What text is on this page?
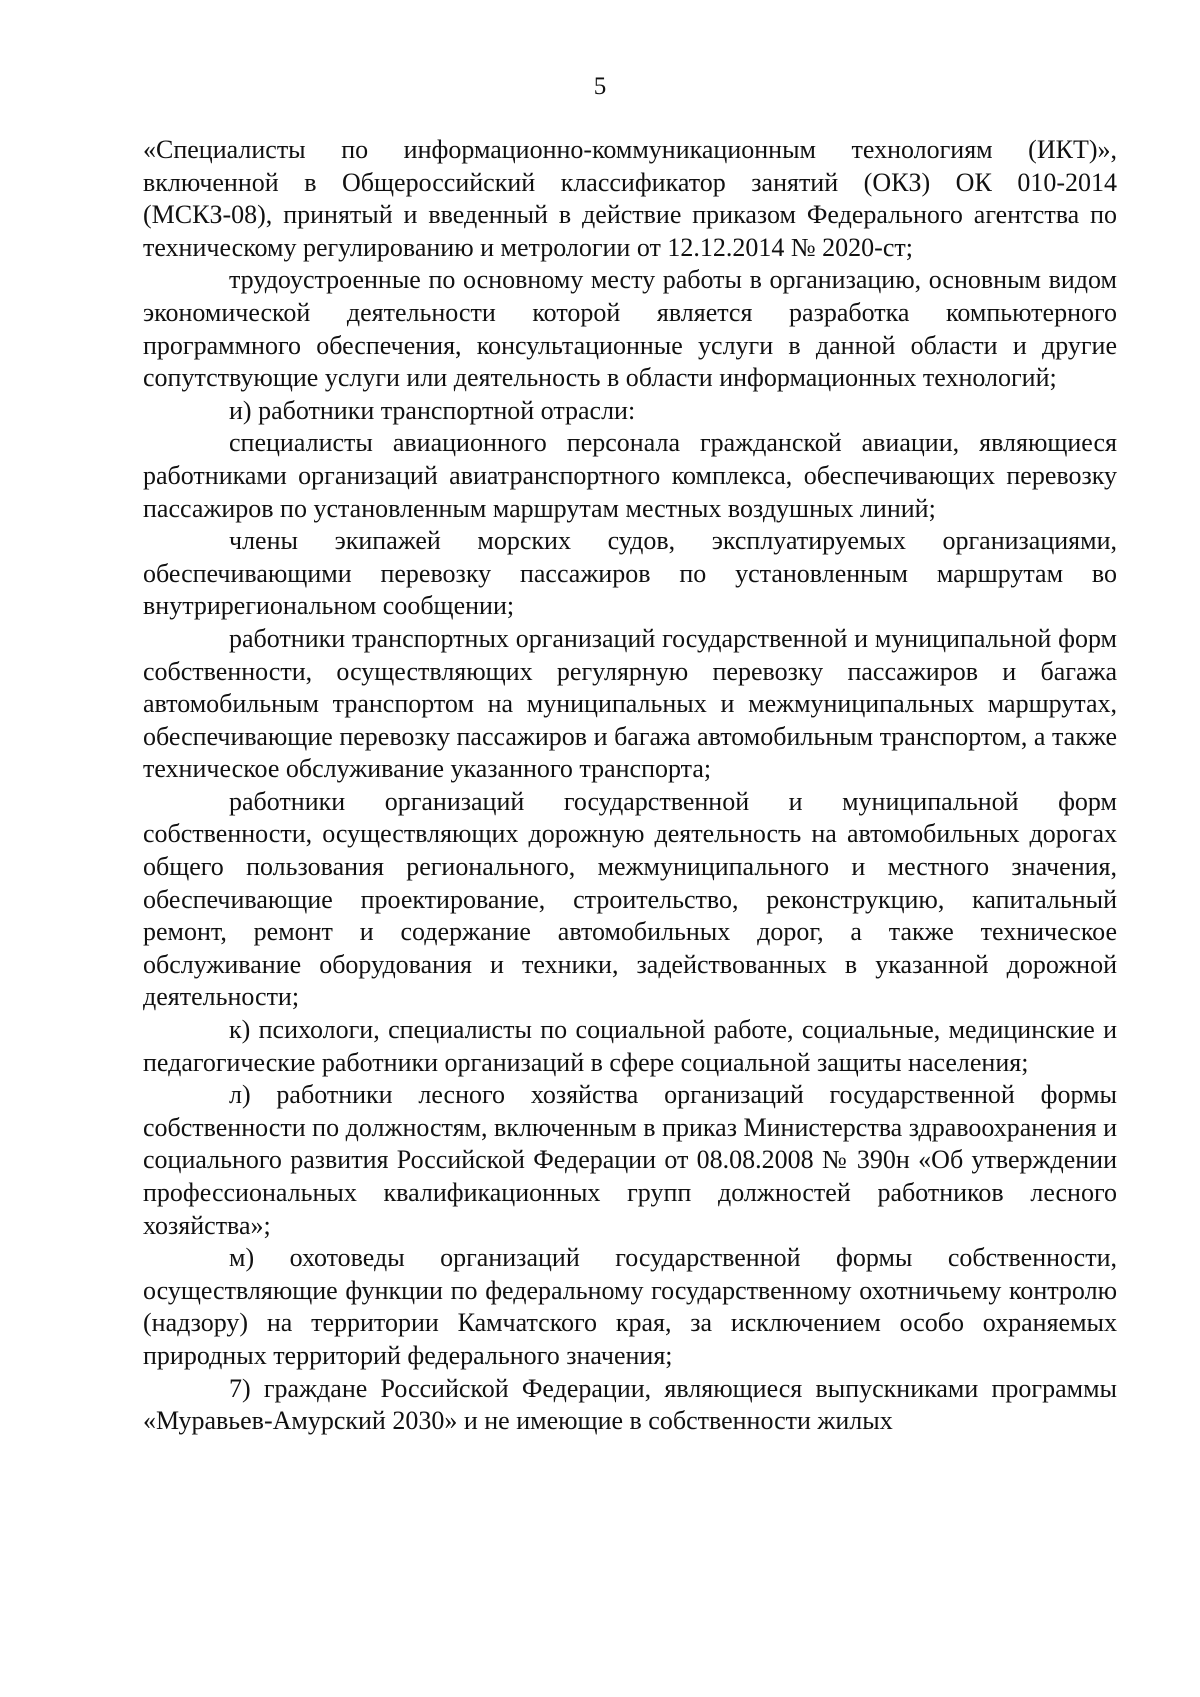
5

«Специалисты по информационно-коммуникационным технологиям (ИКТ)», включенной в Общероссийский классификатор занятий (ОКЗ) ОК 010-2014 (МСКЗ-08), принятый и введенный в действие приказом Федерального агентства по техническому регулированию и метрологии от 12.12.2014 № 2020-ст;

трудоустроенные по основному месту работы в организацию, основным видом экономической деятельности которой является разработка компьютерного программного обеспечения, консультационные услуги в данной области и другие сопутствующие услуги или деятельность в области информационных технологий;

и) работники транспортной отрасли:

специалисты авиационного персонала гражданской авиации, являющиеся работниками организаций авиатранспортного комплекса, обеспечивающих перевозку пассажиров по установленным маршрутам местных воздушных линий;

члены экипажей морских судов, эксплуатируемых организациями, обеспечивающими перевозку пассажиров по установленным маршрутам во внутрирегиональном сообщении;

работники транспортных организаций государственной и муниципальной форм собственности, осуществляющих регулярную перевозку пассажиров и багажа автомобильным транспортом на муниципальных и межмуниципальных маршрутах, обеспечивающие перевозку пассажиров и багажа автомобильным транспортом, а также техническое обслуживание указанного транспорта;

работники организаций государственной и муниципальной форм собственности, осуществляющих дорожную деятельность на автомобильных дорогах общего пользования регионального, межмуниципального и местного значения, обеспечивающие проектирование, строительство, реконструкцию, капитальный ремонт, ремонт и содержание автомобильных дорог, а также техническое обслуживание оборудования и техники, задействованных в указанной дорожной деятельности;

к) психологи, специалисты по социальной работе, социальные, медицинские и педагогические работники организаций в сфере социальной защиты населения;

л) работники лесного хозяйства организаций государственной формы собственности по должностям, включенным в приказ Министерства здравоохранения и социального развития Российской Федерации от 08.08.2008 № 390н «Об утверждении профессиональных квалификационных групп должностей работников лесного хозяйства»;

м) охотоведы организаций государственной формы собственности, осуществляющие функции по федеральному государственному охотничьему контролю (надзору) на территории Камчатского края, за исключением особо охраняемых природных территорий федерального значения;

7) граждане Российской Федерации, являющиеся выпускниками программы «Муравьев-Амурский 2030» и не имеющие в собственности жилых
